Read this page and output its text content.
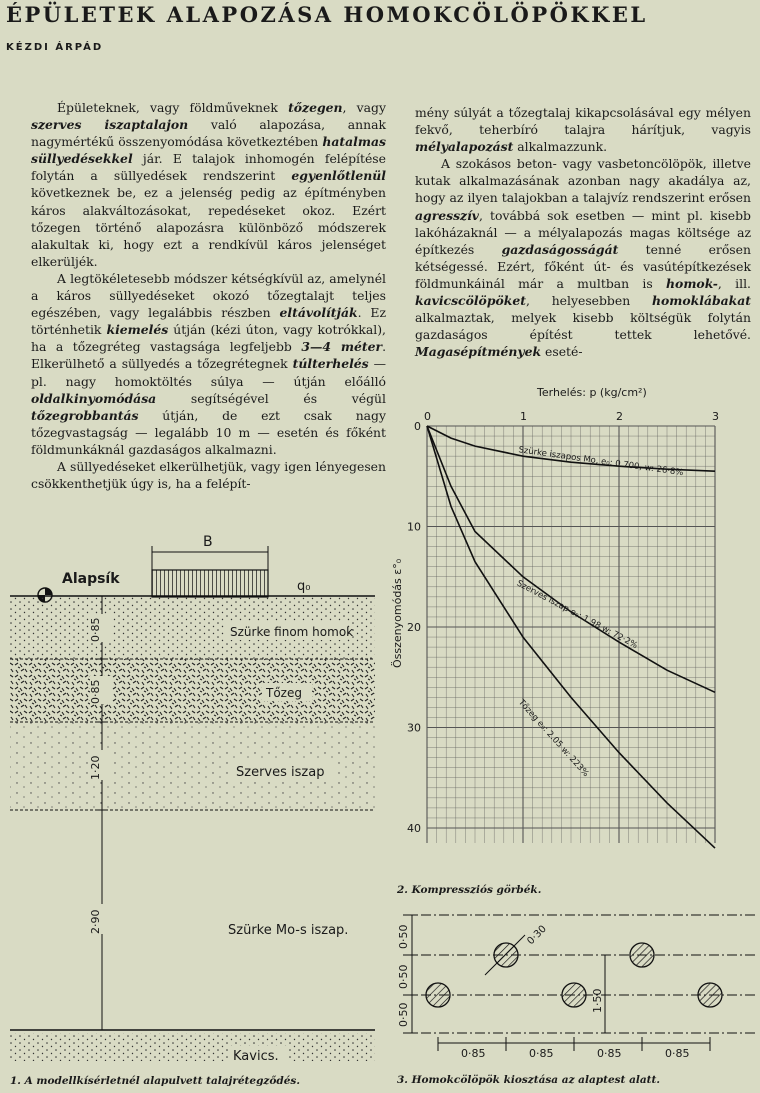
ÉPÜLETEK ALAPOZÁSA HOMOKCÖLÖPÖKKEL
KÉZDI ÁRPÁD

Épületeknek, vagy földműveknek tőzegen, vagy szerves iszaptalajon való alapozása, annak nagymértékű összenyomódása következtében hatalmas süllyedésekkel jár. E talajok inhomogén felépítése folytán a süllyedések rendszerint egyenlőtlenül következnek be, ez a jelenség pedig az építményben káros alakváltozásokat, repedéseket okoz. Ezért tőzegen történő alapozásra különböző módszerek alakultak ki, hogy ezt a rendkívül káros jelenséget elkerüljék.

A legtökéletesebb módszer kétségkívül az, amelynél a káros süllyedéseket okozó tőzegtalajt teljes egészében, vagy legalábbis részben eltávolítják. Ez történhetik kiemelés útján (kézi úton, vagy kotrókkal), ha a tőzegréteg vastagsága legfeljebb 3—4 méter. Elkerülhető a süllyedés a tőzegrétegnek túlterhelés — pl. nagy homoktöltés súlya — útján előálló oldalkinyomódása segítségével és végül tőzegrobbantás útján, de ezt csak nagy tőzegvastagság — legalább 10 m — esetén és főként földmunkáknál gazdaságos alkalmazni.

A süllyedéseket elkerülhetjük, vagy igen lényegesen csökkenthetjük úgy is, ha a felépít-

mény súlyát a tőzegtalaj kikapcsolásával egy mélyen fekvő, teherbíró talajra hárítjuk, vagyis mélyalapozást alkalmazzunk.

A szokásos beton- vagy vasbetoncölöpök, illetve kutak alkalmazásának azonban nagy akadálya az, hogy az ilyen talajokban a talajvíz rendszerint erősen agresszív, továbbá sok esetben — mint pl. kisebb lakóházaknál — a mélyalapozás magas költsége az építkezés gazdaságosságát tenné erősen kétségessé. Ezért, főként út- és vasútépítkezések földmunkáinál már a multban is homok-, ill. kavicscölöpöket, helyesebben homoklábakat alkalmaztak, melyek kisebb költségük folytán gazdaságos építést tettek lehetővé. Magasépítmények eseté-

B
Alapsík	q₀
Szürke finom homok
Tőzeg
Szerves iszap
Szürke Mo-s iszap.
Kavics.
0·85
0·85
1·20
2·90
1. A modellkísérletnél alapulvett talajrétegződés.
Terhelés: p (kg/cm²)
Összenyomódás ε°₀
0	1	2	3
0
10
20
30
40
Szürke iszapos Mo, e₀: 0.700, w: 26·8%
Szerves iszap e₀: 1.98 w: 72·2%
Tőzeg e₀: 2.05 w: 223%
2. Kompressziós görbék.
0·50
0·50
0·50
1·50
0·30
0·85	0·85	0·85	0·85
3. Homokcölöpök kiosztása az alaptest alatt.
